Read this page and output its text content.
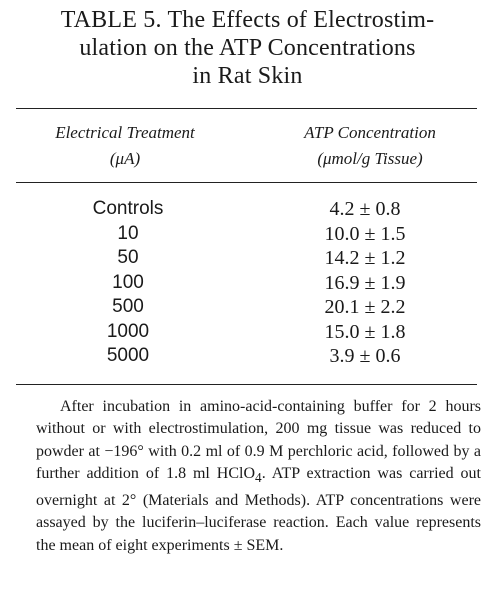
TABLE 5. The Effects of Electrostim-
ulation on the ATP Concentrations
in Rat Skin
Electrical Treatment
(μA)
ATP Concentration
(μmol/g Tissue)
Controls	4.2 ± 0.8
10	10.0 ± 1.5
50	14.2 ± 1.2
100	16.9 ± 1.9
500	20.1 ± 2.2
1000	15.0 ± 1.8
5000	3.9 ± 0.6

After incubation in amino-acid-containing buffer for 2 hours without or with electrostimulation, 200 mg tissue was reduced to powder at −196° with 0.2 ml of 0.9 M perchloric acid, followed by a further addition of 1.8 ml HClO$_4$. ATP extraction was carried out overnight at 2° (Materials and Methods). ATP concentrations were assayed by the luciferin–luciferase reaction. Each value represents the mean of eight experiments ± SEM.
